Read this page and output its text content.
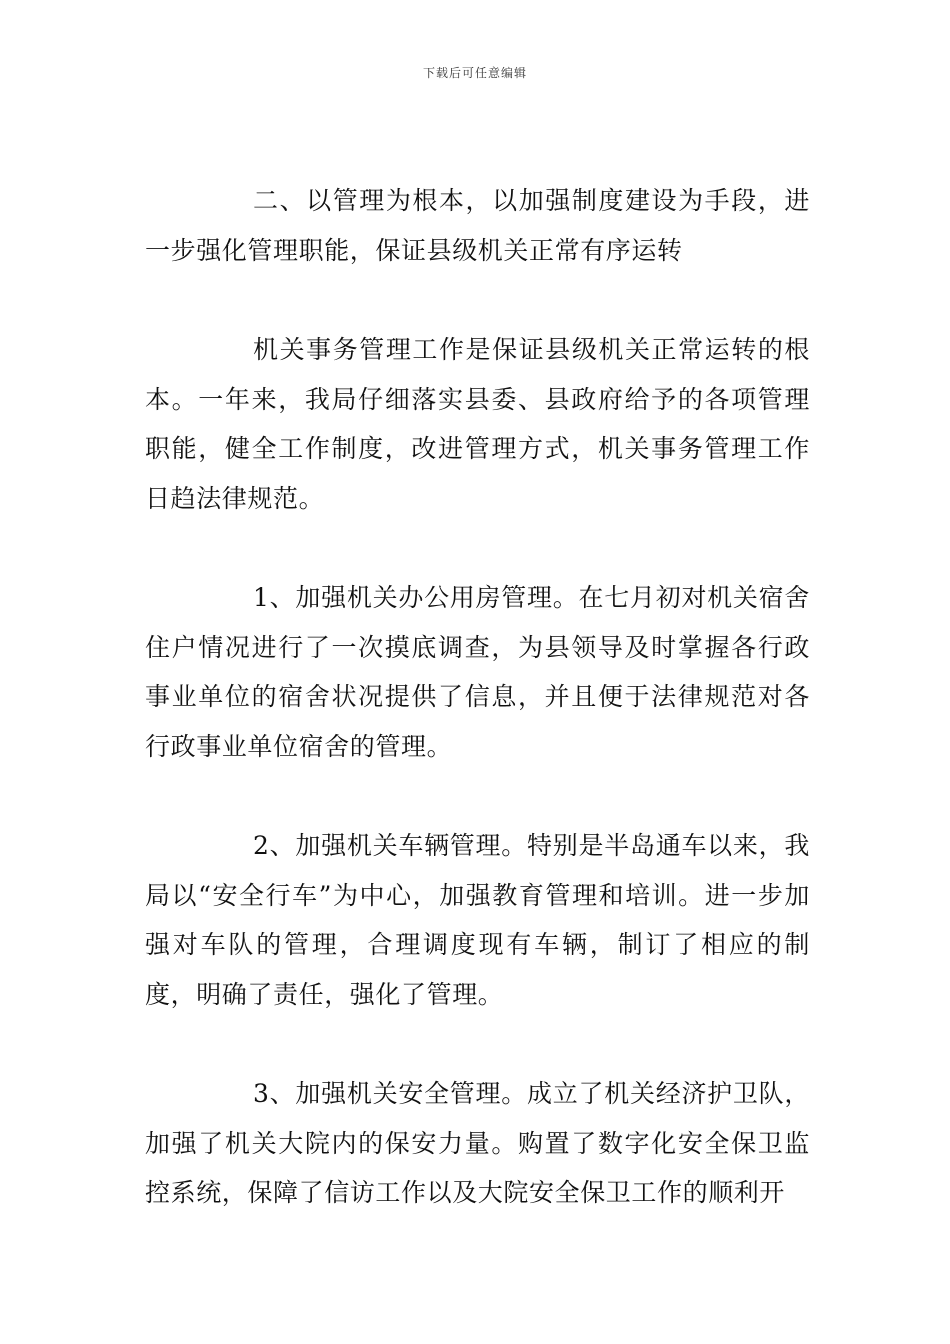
下载后可任意编辑

二、以管理为根本，以加强制度建设为手段，进一步强化管理职能，保证县级机关正常有序运转

机关事务管理工作是保证县级机关正常运转的根本。一年来，我局仔细落实县委、县政府给予的各项管理职能，健全工作制度，改进管理方式，机关事务管理工作日趋法律规范。

1、加强机关办公用房管理。在七月初对机关宿舍住户情况进行了一次摸底调查，为县领导及时掌握各行政事业单位的宿舍状况提供了信息，并且便于法律规范对各行政事业单位宿舍的管理。

2、加强机关车辆管理。特别是半岛通车以来，我局以“安全行车”为中心，加强教育管理和培训。进一步加强对车队的管理，合理调度现有车辆，制订了相应的制度，明确了责任，强化了管理。

3、加强机关安全管理。成立了机关经济护卫队，加强了机关大院内的保安力量。购置了数字化安全保卫监控系统，保障了信访工作以及大院安全保卫工作的顺利开
